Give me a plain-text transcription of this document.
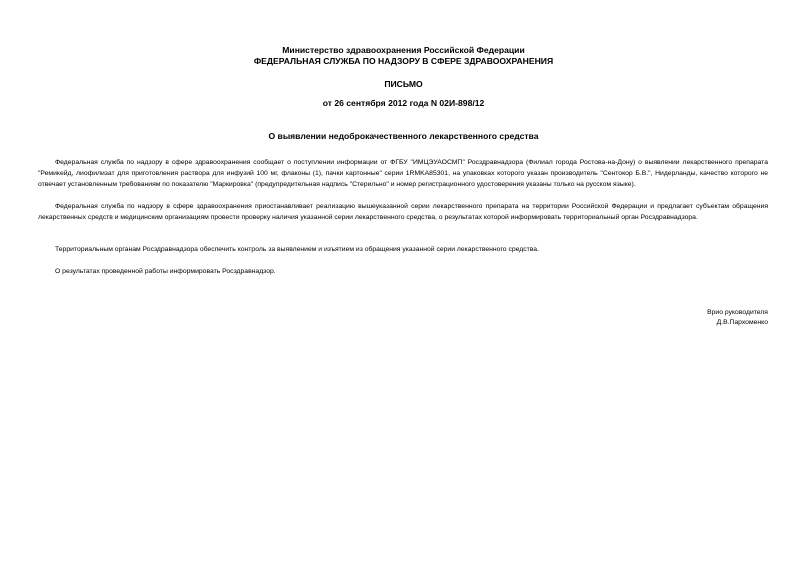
Министерство здравоохранения Российской Федерации
ФЕДЕРАЛЬНАЯ СЛУЖБА ПО НАДЗОРУ В СФЕРЕ ЗДРАВООХРАНЕНИЯ
ПИСЬМО
от 26 сентября 2012 года N 02И-898/12
О выявлении недоброкачественного лекарственного средства
Федеральная служба по надзору в сфере здравоохранения сообщает о поступлении информации от ФГБУ "ИМЦЭУАОСМП" Росздравнадзора (Филиал города Ростова-на-Дону) о выявлении лекарственного препарата "Ремикейд, лиофилизат для приготовления раствора для инфузий 100 мг, флаконы (1), пачки картонные" серии 1RMKA85301, на упаковках которого указан производитель "Сентокор Б.В.", Нидерланды, качество которого не отвечает установленным требованиям по показателю "Маркировка" (предупредительная надпись "Стерильно" и номер регистрационного удостоверения указаны только на русском языке).
Федеральная служба по надзору в сфере здравоохранения приостанавливает реализацию вышеуказанной серии лекарственного препарата на территории Российской Федерации и предлагает субъектам обращения лекарственных средств и медицинским организациям провести проверку наличия указанной серии лекарственного средства, о результатах которой информировать территориальный орган Росздравнадзора.
Территориальным органам Росздравнадзора обеспечить контроль за выявлением и изъятием из обращения указанной серии лекарственного средства.
О результатах проведенной работы информировать Росздравнадзор.
Врио руководителя
Д.В.Пархоменко
